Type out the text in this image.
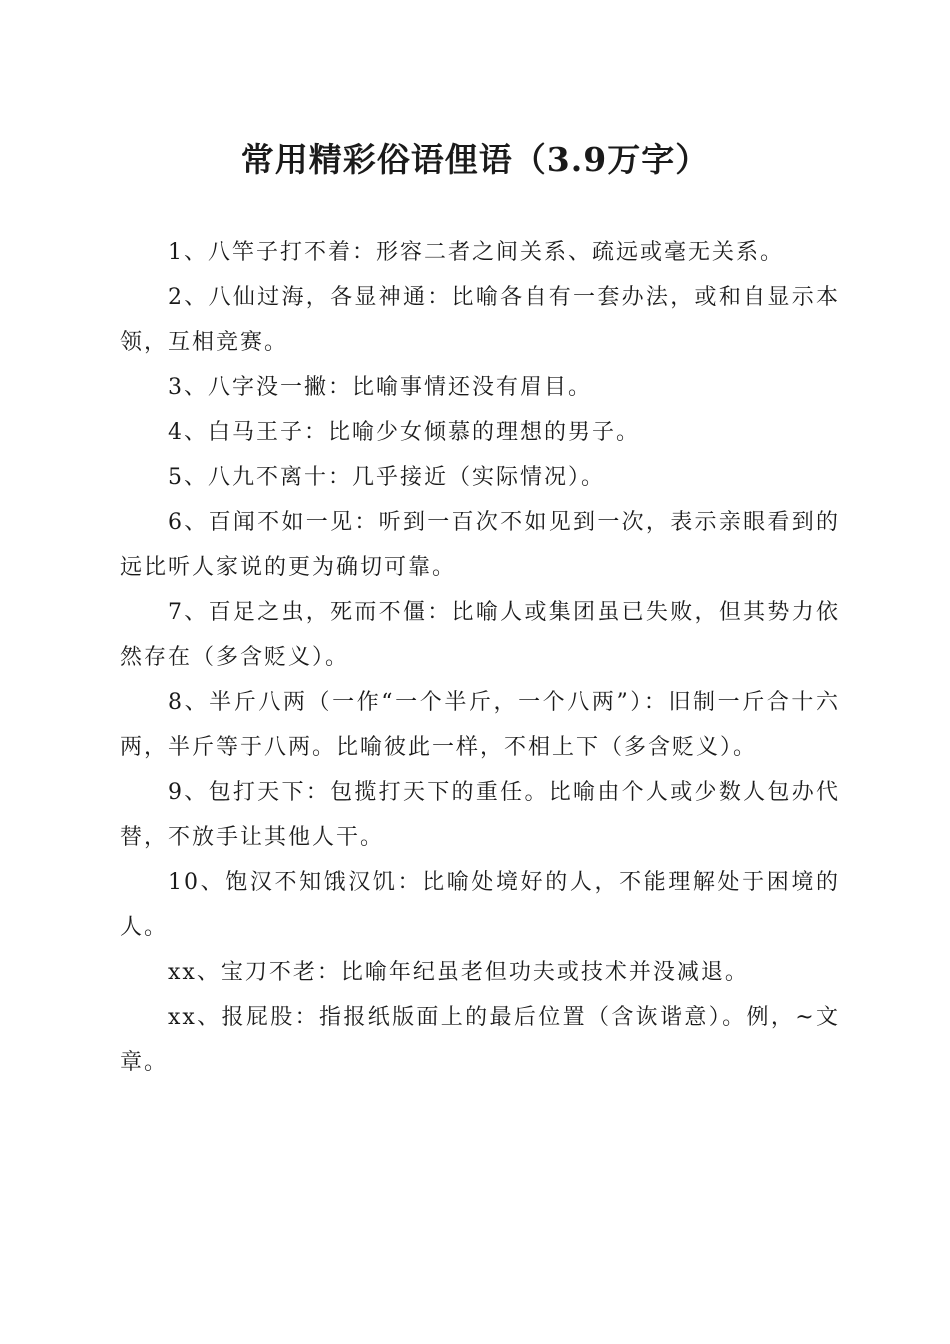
常用精彩俗语俚语（3.9万字）

1、八竿子打不着：形容二者之间关系、疏远或毫无关系。

2、八仙过海，各显神通：比喻各自有一套办法，或和自显示本领，互相竞赛。

3、八字没一撇：比喻事情还没有眉目。

4、白马王子：比喻少女倾慕的理想的男子。

5、八九不离十：几乎接近（实际情况）。

6、百闻不如一见：听到一百次不如见到一次，表示亲眼看到的远比听人家说的更为确切可靠。

7、百足之虫，死而不僵：比喻人或集团虽已失败，但其势力依然存在（多含贬义）。

8、半斤八两（一作“一个半斤，一个八两”）：旧制一斤合十六两，半斤等于八两。比喻彼此一样，不相上下（多含贬义）。

9、包打天下：包揽打天下的重任。比喻由个人或少数人包办代替，不放手让其他人干。

10、饱汉不知饿汉饥：比喻处境好的人，不能理解处于困境的人。

xx、宝刀不老：比喻年纪虽老但功夫或技术并没减退。

xx、报屁股：指报纸版面上的最后位置（含诙谐意）。例，~文章。
